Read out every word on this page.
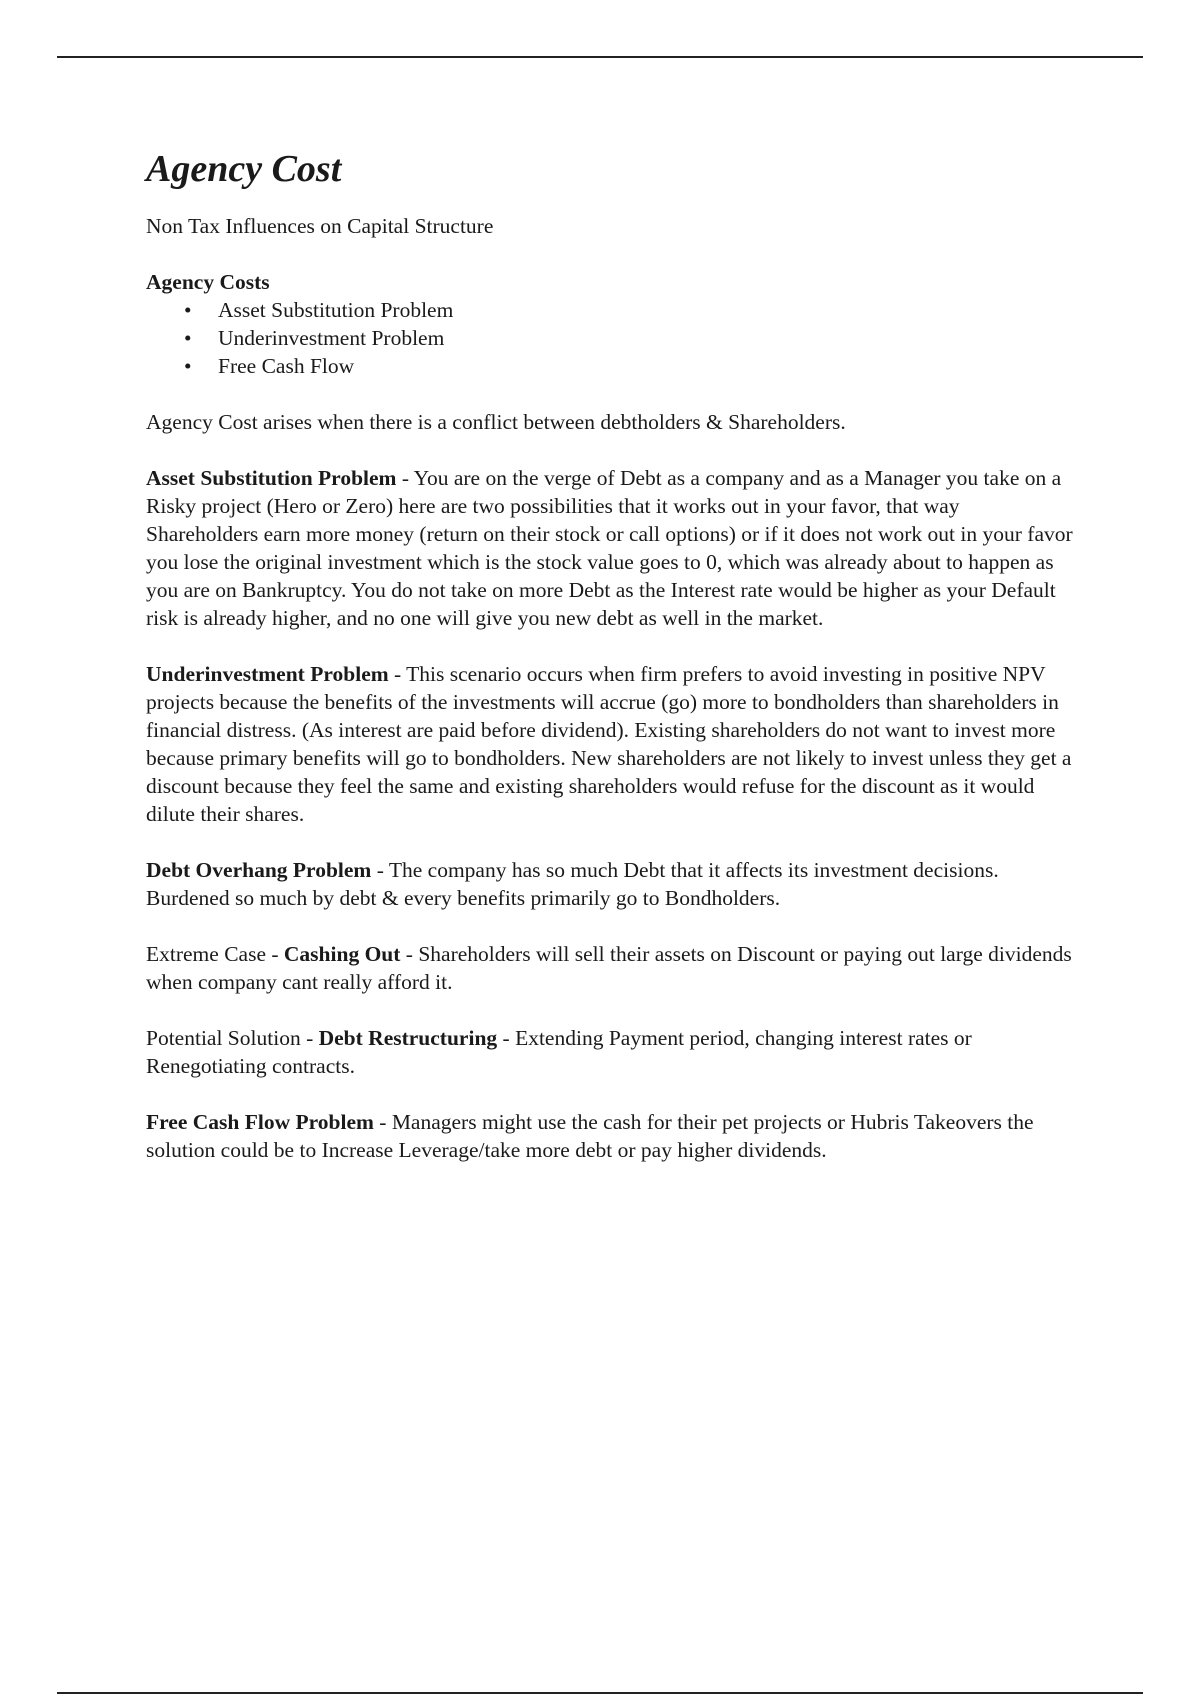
Agency Cost

Non Tax Influences on Capital Structure

Agency Costs

• Asset Substitution Problem
• Underinvestment Problem
• Free Cash Flow

Agency Cost arises when there is a conflict between debtholders & Shareholders.

Asset Substitution Problem - You are on the verge of Debt as a company and as a Manager you take on a Risky project (Hero or Zero) here are two possibilities that it works out in your favor, that way Shareholders earn more money (return on their stock or call options) or if it does not work out in your favor you lose the original investment which is the stock value goes to 0, which was already about to happen as you are on Bankruptcy. You do not take on more Debt as the Interest rate would be higher as your Default risk is already higher, and no one will give you new debt as well in the market.

Underinvestment Problem - This scenario occurs when firm prefers to avoid investing in positive NPV projects because the benefits of the investments will accrue (go) more to bondholders than shareholders in financial distress. (As interest are paid before dividend). Existing shareholders do not want to invest more because primary benefits will go to bondholders. New shareholders are not likely to invest unless they get a discount because they feel the same and existing shareholders would refuse for the discount as it would dilute their shares.

Debt Overhang Problem - The company has so much Debt that it affects its investment decisions. Burdened so much by debt & every benefits primarily go to Bondholders.

Extreme Case - Cashing Out - Shareholders will sell their assets on Discount or paying out large dividends when company cant really afford it.

Potential Solution - Debt Restructuring - Extending Payment period, changing interest rates or Renegotiating contracts.

Free Cash Flow Problem - Managers might use the cash for their pet projects or Hubris Takeovers the solution could be to Increase Leverage/take more debt or pay higher dividends.
